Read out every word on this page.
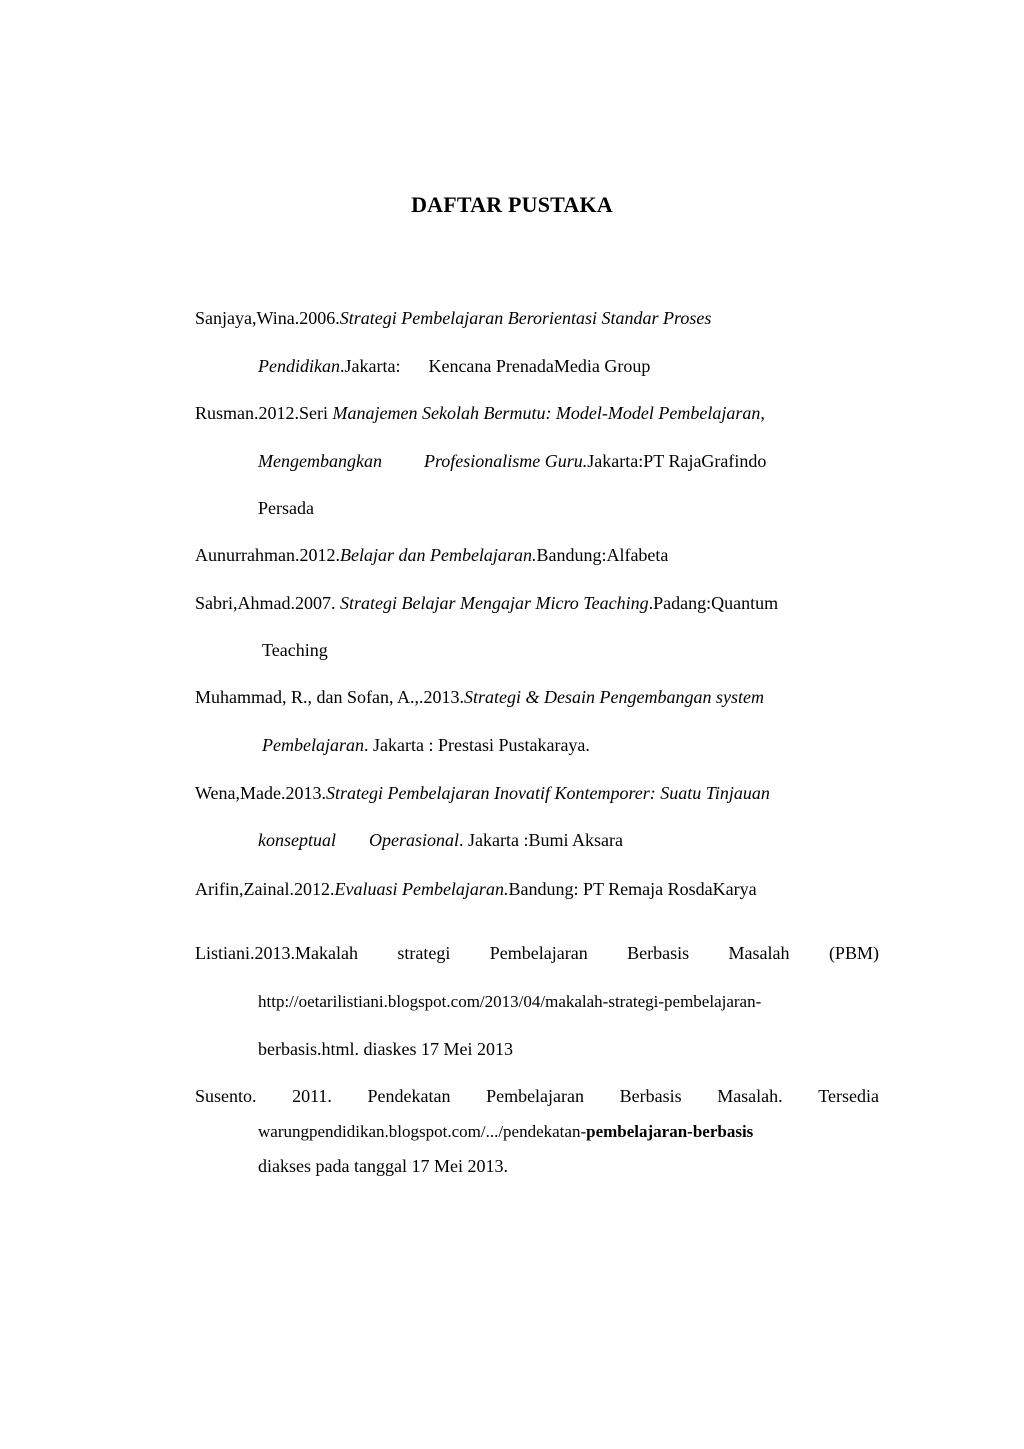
DAFTAR PUSTAKA
Sanjaya,Wina.2006.Strategi Pembelajaran Berorientasi Standar Proses
Pendidikan.Jakarta: Kencana PrenadaMedia Group
Rusman.2012.Seri Manajemen Sekolah Bermutu: Model-Model Pembelajaran,
Mengembangkan Profesionalisme Guru.Jakarta:PT RajaGrafindo
Persada
Aunurrahman.2012.Belajar dan Pembelajaran.Bandung:Alfabeta
Sabri,Ahmad.2007. Strategi Belajar Mengajar Micro Teaching.Padang:Quantum
Teaching
Muhammad, R., dan Sofan, A.,.2013.Strategi & Desain Pengembangan system
Pembelajaran. Jakarta : Prestasi Pustakaraya.
Wena,Made.2013.Strategi Pembelajaran Inovatif Kontemporer: Suatu Tinjauan
konseptual Operasional. Jakarta :Bumi Aksara
Arifin,Zainal.2012.Evaluasi Pembelajaran.Bandung: PT Remaja RosdaKarya
Listiani.2013.Makalah strategi Pembelajaran Berbasis Masalah (PBM)
http://oetarilistiani.blogspot.com/2013/04/makalah-strategi-pembelajaran-
berbasis.html. diaskes 17 Mei 2013
Susento. 2011. Pendekatan Pembelajaran Berbasis Masalah. Tersedia
warungpendidikan.blogspot.com/.../pendekatan-pembelajaran-berbasis
diakses pada tanggal 17 Mei 2013.
